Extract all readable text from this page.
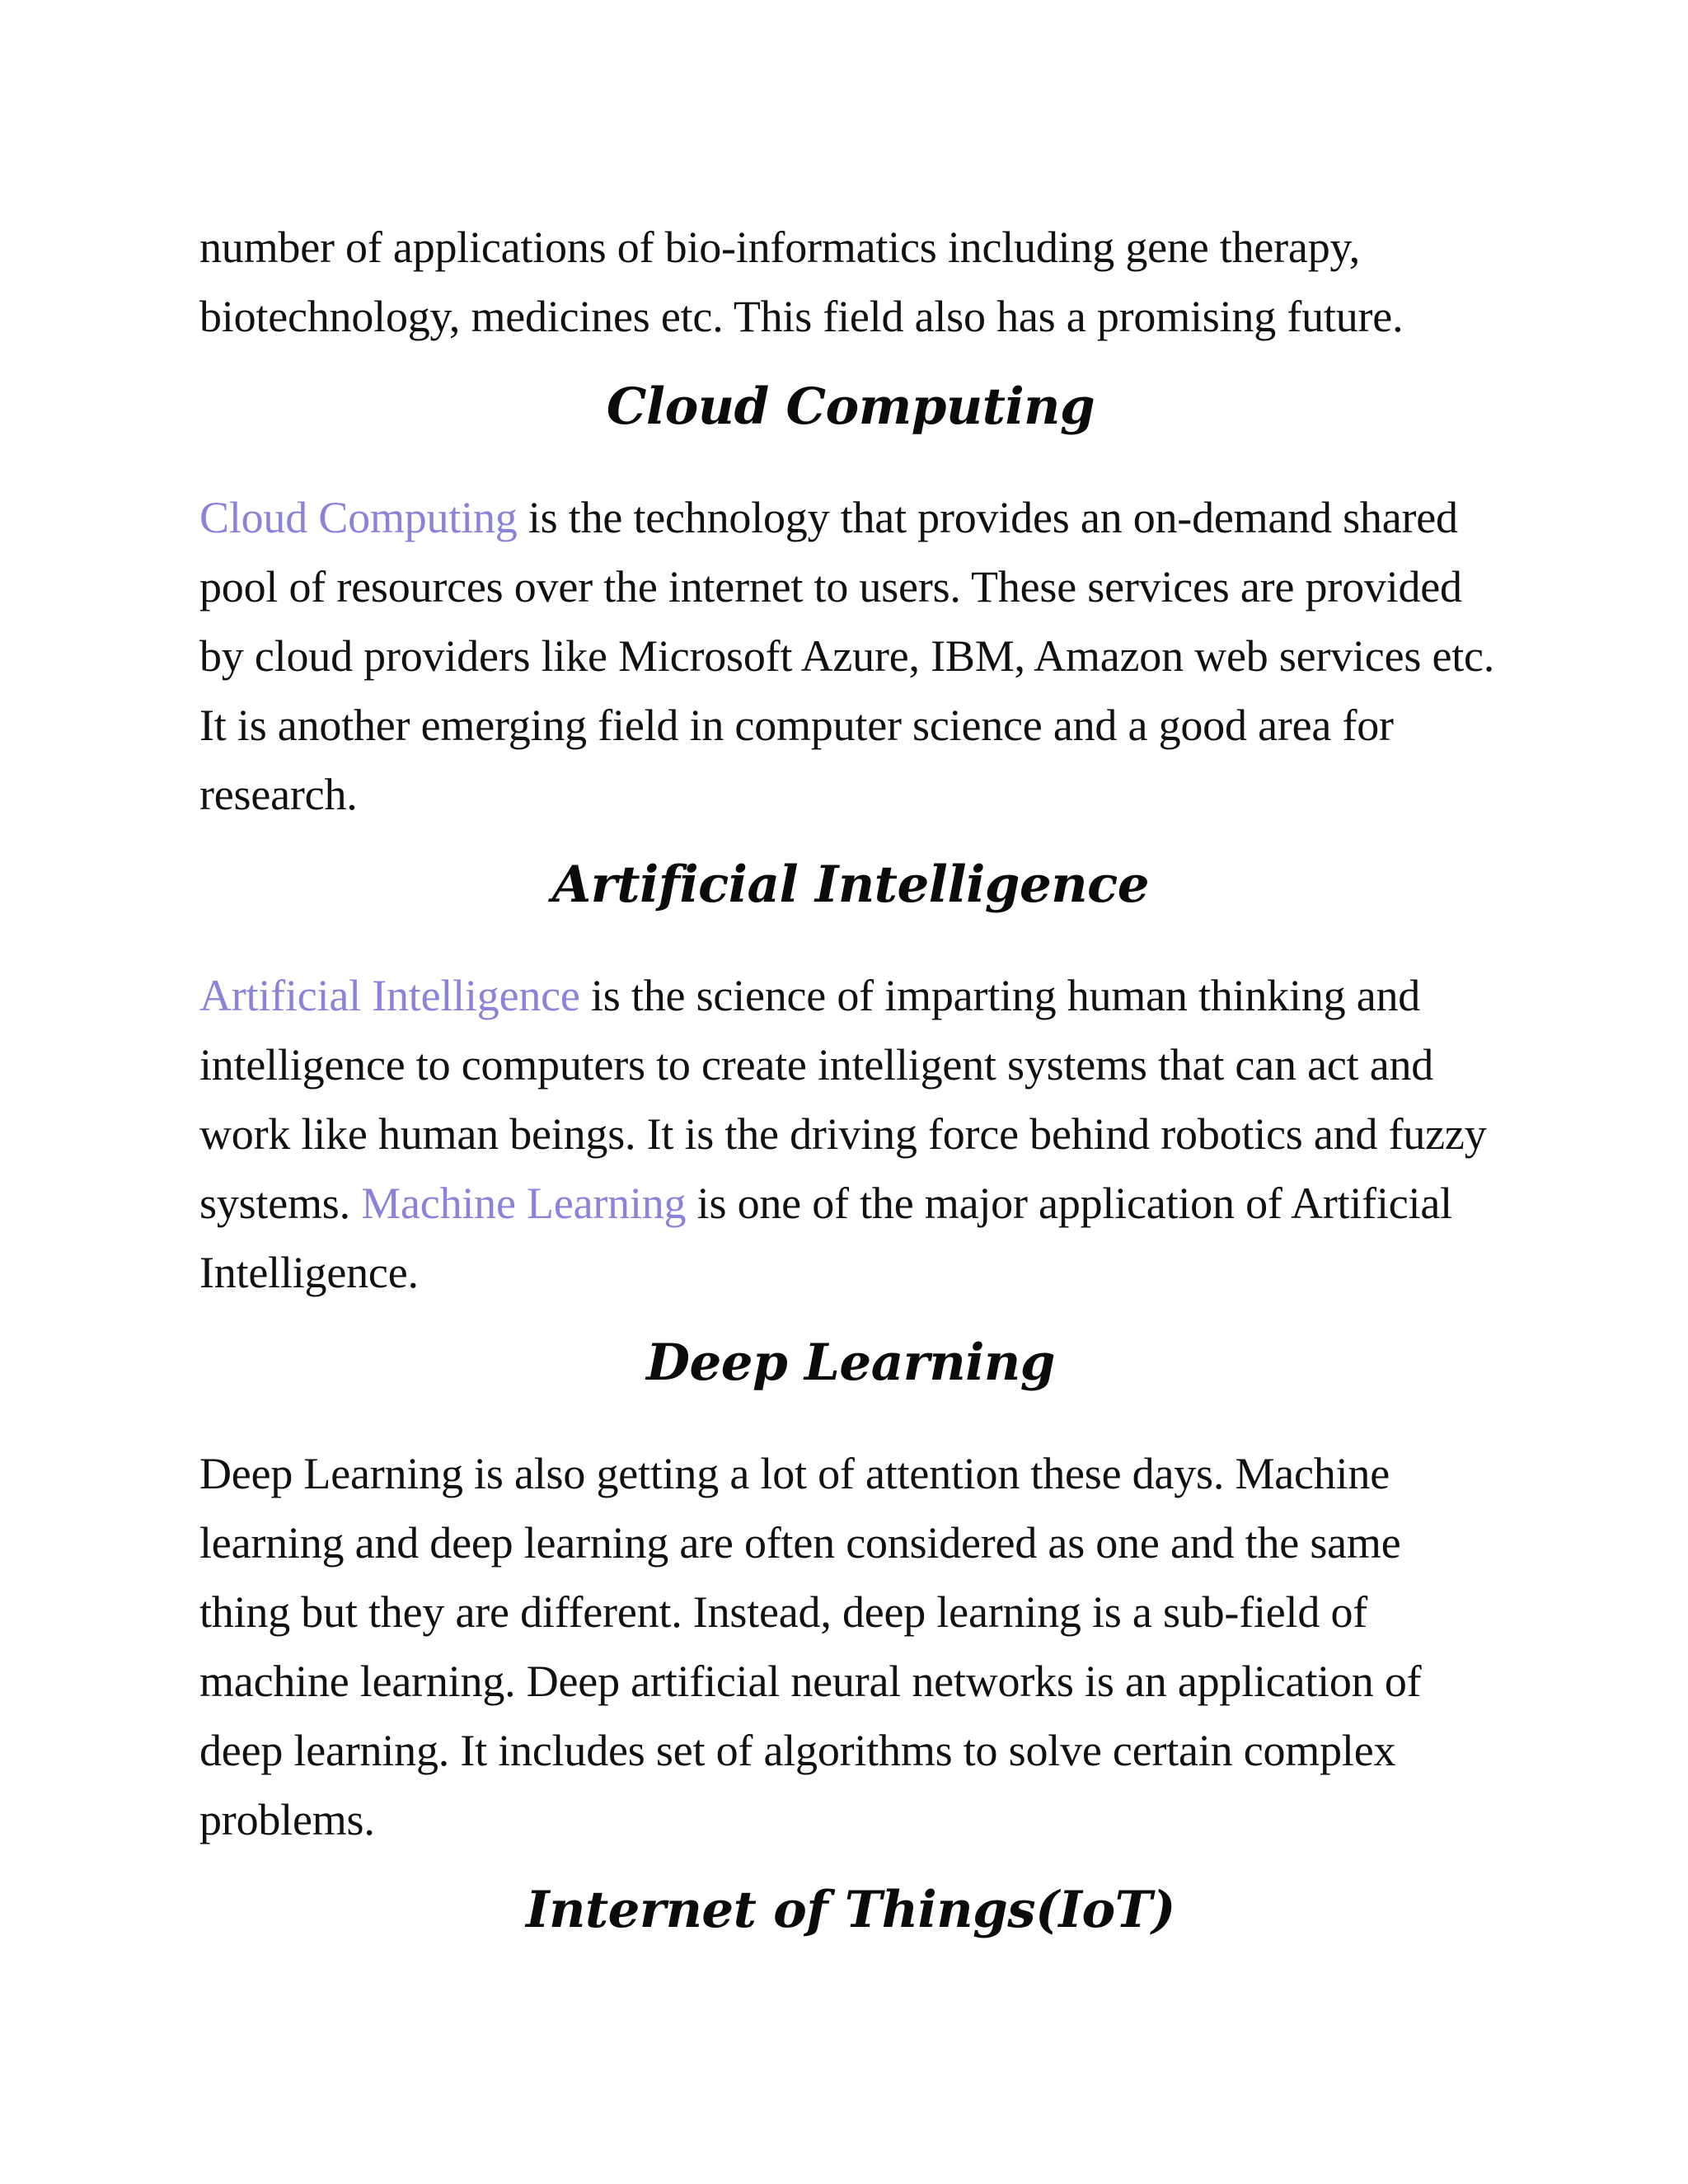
number of applications of bio-informatics including gene therapy, biotechnology, medicines etc. This field also has a promising future.

Cloud Computing

Cloud Computing is the technology that provides an on-demand shared pool of resources over the internet to users. These services are provided by cloud providers like Microsoft Azure, IBM, Amazon web services etc. It is another emerging field in computer science and a good area for research.

Artificial Intelligence

Artificial Intelligence is the science of imparting human thinking and intelligence to computers to create intelligent systems that can act and work like human beings. It is the driving force behind robotics and fuzzy systems. Machine Learning is one of the major application of Artificial Intelligence.

Deep Learning

Deep Learning is also getting a lot of attention these days. Machine learning and deep learning are often considered as one and the same thing but they are different. Instead, deep learning is a sub-field of machine learning. Deep artificial neural networks is an application of deep learning. It includes set of algorithms to solve certain complex problems.

Internet of Things(IoT)
